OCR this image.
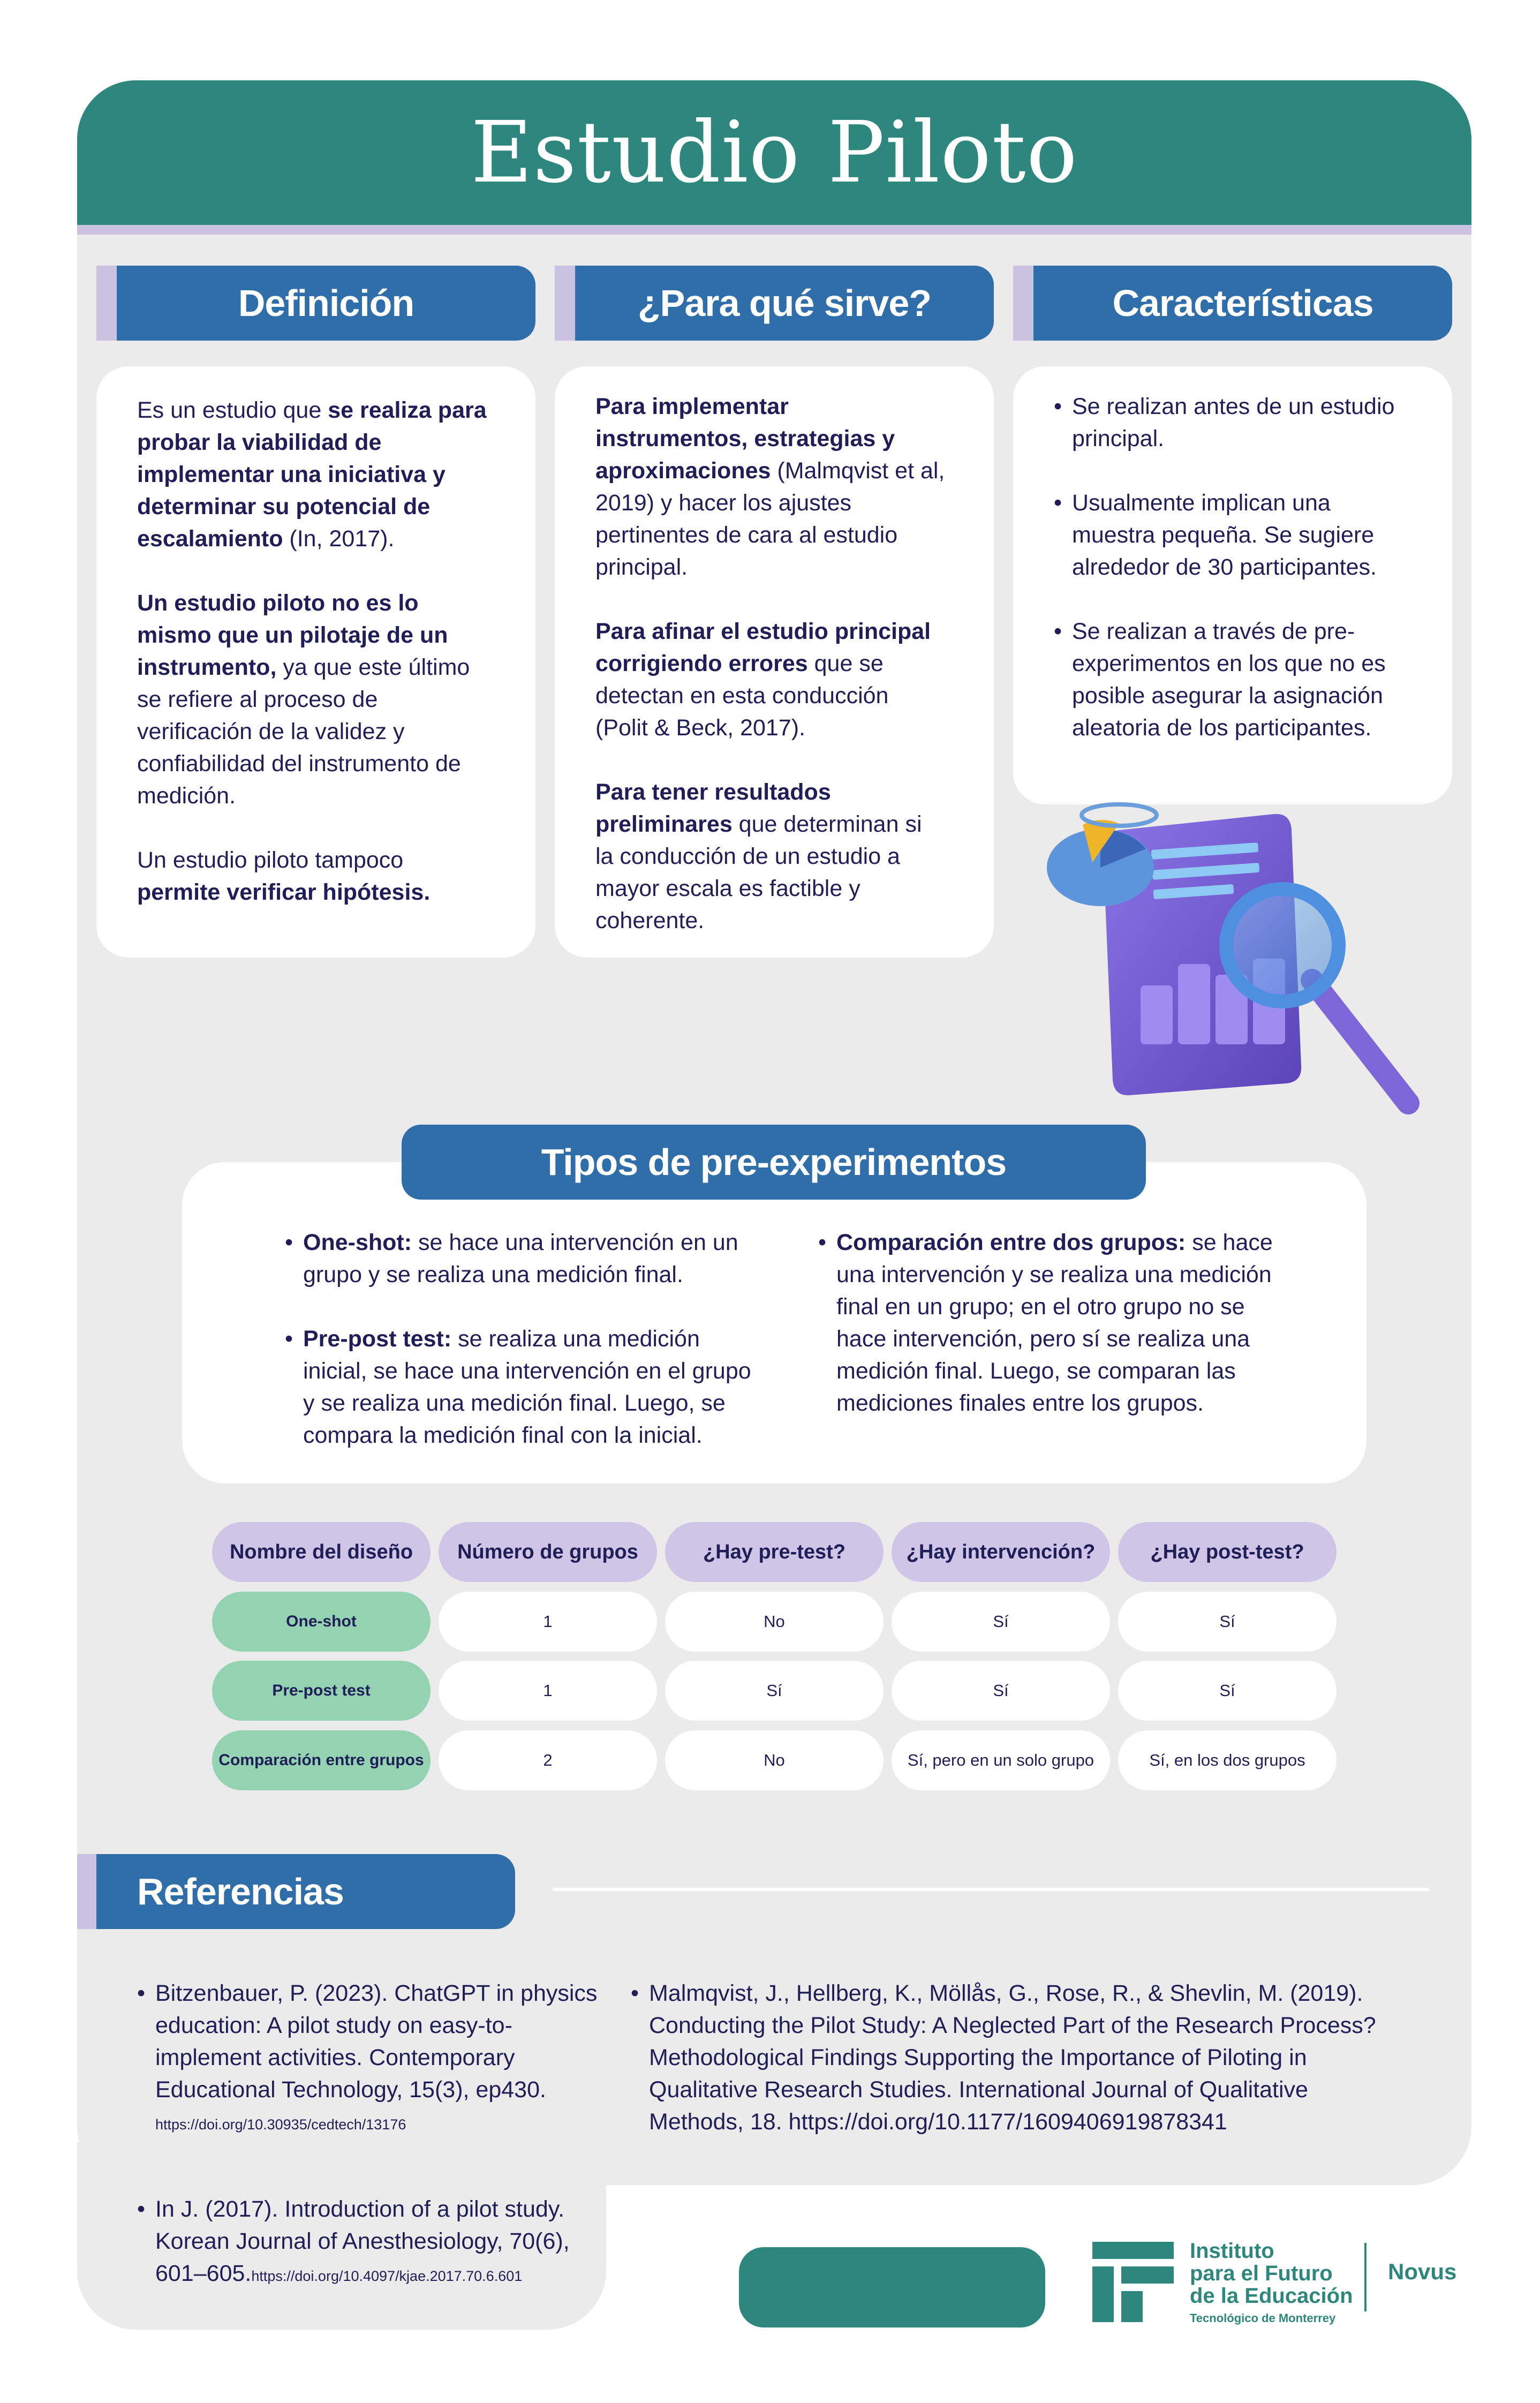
Estudio Piloto
Definición	¿Para qué sirve?	Características

Es un estudio que se realiza para probar la viabilidad de implementar una iniciativa y determinar su potencial de escalamiento (In, 2017).

Un estudio piloto no es lo mismo que un pilotaje de un instrumento, ya que este último se refiere al proceso de verificación de la validez y confiabilidad del instrumento de medición.

Un estudio piloto tampoco permite verificar hipótesis.

Para implementar instrumentos, estrategias y aproximaciones (Malmqvist et al, 2019) y hacer los ajustes pertinentes de cara al estudio principal.

Para afinar el estudio principal corrigiendo errores que se detectan en esta conducción (Polit & Beck, 2017).

Para tener resultados preliminares que determinan si la conducción de un estudio a mayor escala es factible y coherente.

• Se realizan antes de un estudio principal.
• Usualmente implican una muestra pequeña. Se sugiere alrededor de 30 participantes.
• Se realizan a través de pre-experimentos en los que no es posible asegurar la asignación aleatoria de los participantes.
Tipos de pre-experimentos
• One-shot: se hace una intervención en un grupo y se realiza una medición final.
• Pre-post test: se realiza una medición inicial, se hace una intervención en el grupo y se realiza una medición final. Luego, se compara la medición final con la inicial.
• Comparación entre dos grupos: se hace una intervención y se realiza una medición final en un grupo; en el otro grupo no se hace intervención, pero sí se realiza una medición final. Luego, se comparan las mediciones finales entre los grupos.
Nombre del diseño	Número de grupos	¿Hay pre-test?	¿Hay intervención?	¿Hay post-test?
One-shot	1	No	Sí	Sí
Pre-post test	1	Sí	Sí	Sí
Comparación entre grupos	2	No	Sí, pero en un solo grupo	Sí, en los dos grupos
Referencias
• Bitzenbauer, P. (2023). ChatGPT in physics education: A pilot study on easy-to-implement activities. Contemporary Educational Technology, 15(3), ep430.
https://doi.org/10.30935/cedtech/13176
• Malmqvist, J., Hellberg, K., Möllås, G., Rose, R., & Shevlin, M. (2019). Conducting the Pilot Study: A Neglected Part of the Research Process? Methodological Findings Supporting the Importance of Piloting in Qualitative Research Studies. International Journal of Qualitative Methods, 18. https://doi.org/10.1177/1609406919878341
• In J. (2017). Introduction of a pilot study. Korean Journal of Anesthesiology, 70(6), 601–605.https://doi.org/10.4097/kjae.2017.70.6.601
Instituto
para el Futuro
de la Educación
Tecnológico de Monterrey
Novus
